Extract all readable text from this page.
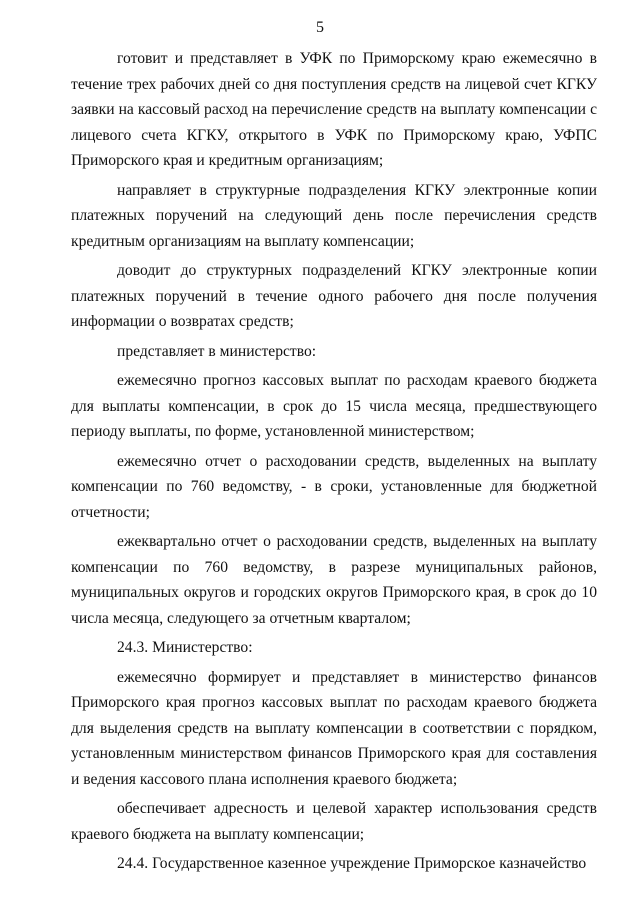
5

готовит и представляет в УФК по Приморскому краю ежемесячно в течение трех рабочих дней со дня поступления средств на лицевой счет КГКУ заявки на кассовый расход на перечисление средств на выплату компенсации с лицевого счета КГКУ, открытого в УФК по Приморскому краю, УФПС Приморского края и кредитным организациям;

направляет в структурные подразделения КГКУ электронные копии платежных поручений на следующий день после перечисления средств кредитным организациям на выплату компенсации;

доводит до структурных подразделений КГКУ электронные копии платежных поручений в течение одного рабочего дня после получения информации о возвратах средств;

представляет в министерство:

ежемесячно прогноз кассовых выплат по расходам краевого бюджета для выплаты компенсации, в срок до 15 числа месяца, предшествующего периоду выплаты, по форме, установленной министерством;

ежемесячно отчет о расходовании средств, выделенных на выплату компенсации по 760 ведомству, - в сроки, установленные для бюджетной отчетности;

ежеквартально отчет о расходовании средств, выделенных на выплату компенсации по 760 ведомству, в разрезе муниципальных районов, муниципальных округов и городских округов Приморского края, в срок до 10 числа месяца, следующего за отчетным кварталом;

24.3. Министерство:

ежемесячно формирует и представляет в министерство финансов Приморского края прогноз кассовых выплат по расходам краевого бюджета для выделения средств на выплату компенсации в соответствии с порядком, установленным министерством финансов Приморского края для составления и ведения кассового плана исполнения краевого бюджета;

обеспечивает адресность и целевой характер использования средств краевого бюджета на выплату компенсации;

24.4. Государственное казенное учреждение Приморское казначейство
